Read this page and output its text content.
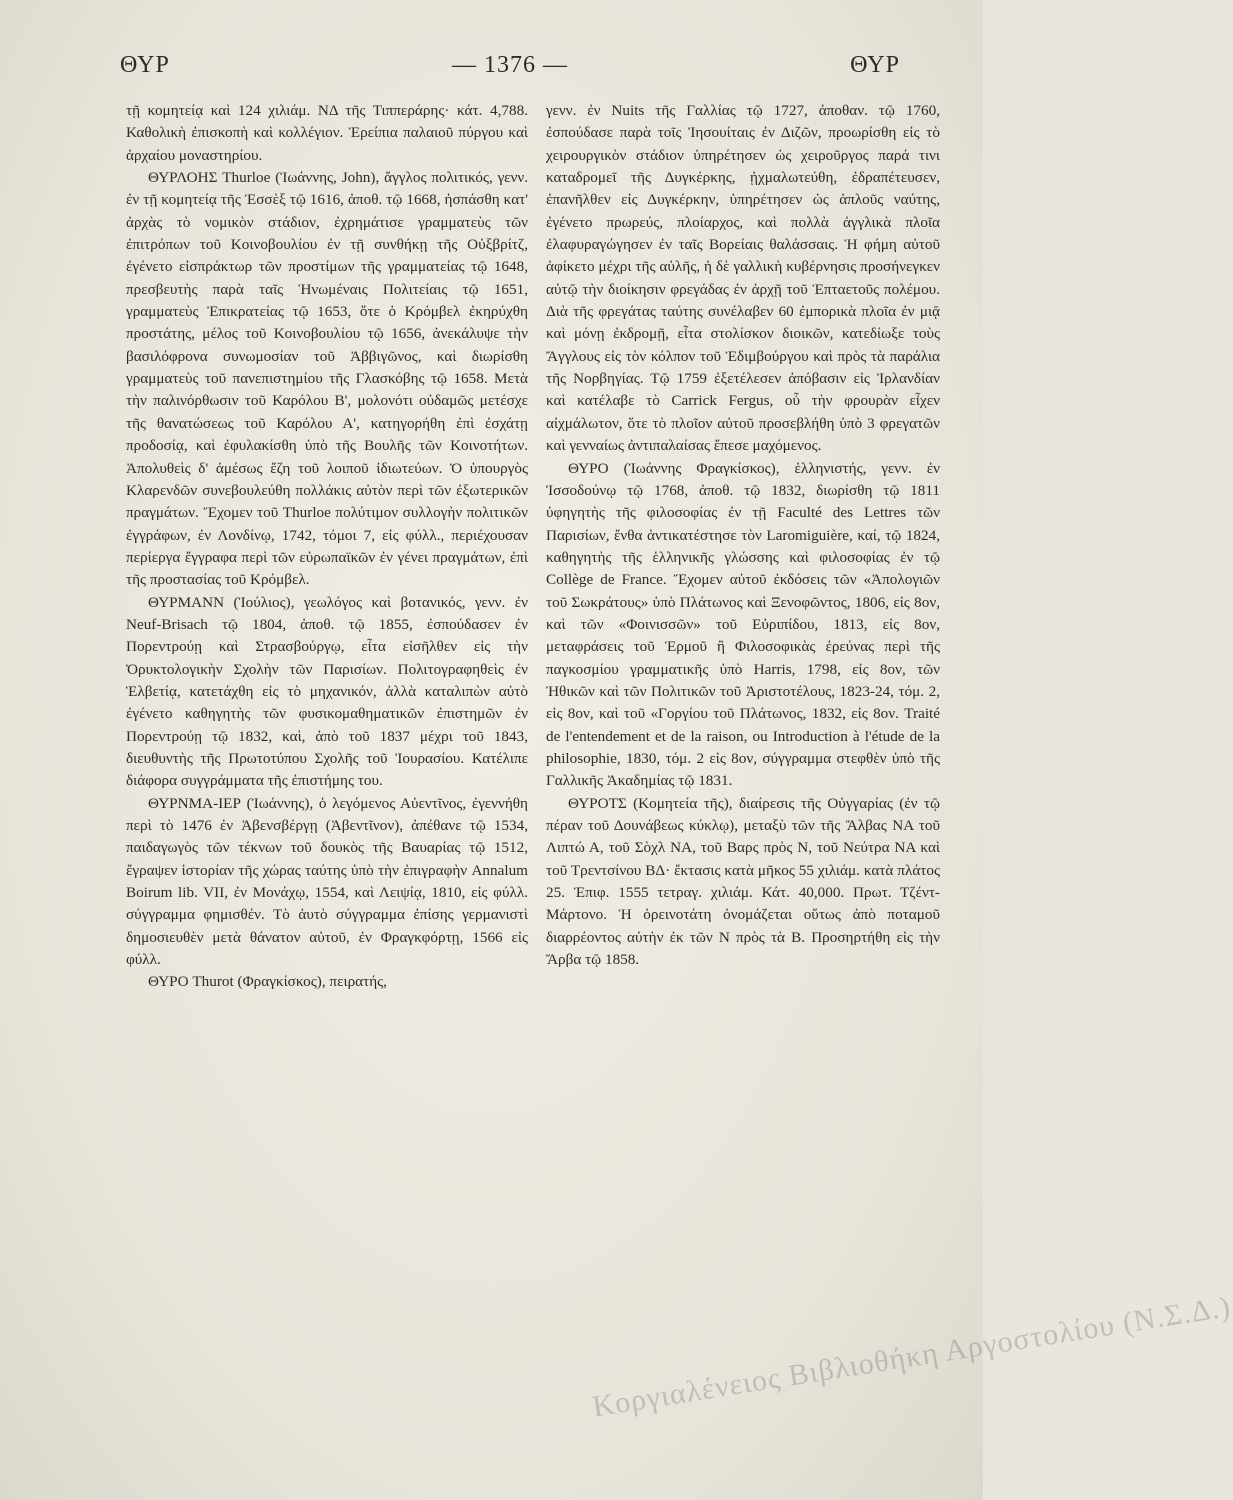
ΘΥΡ	— 1376 —	ΘΥΡ

τῇ κομητείᾳ καὶ 124 χιλιάμ. ΝΔ τῆς Τιππεράρης· κάτ. 4,788. Καθολικὴ ἐπισκοπὴ καὶ κολλέγιον. Ἐρείπια παλαιοῦ πύργου καὶ ἀρχαίου μοναστηρίου.

ΘΥΡΛΟΗΣ Thurloe (Ἰωάννης, John), ἄγγλος πολιτικός, γενν. ἐν τῇ κομητείᾳ τῆς Ἐσσὲξ τῷ 1616, ἀποθ. τῷ 1668, ἠσπάσθη κατ' ἀρχὰς τὸ νομικὸν στάδιον, ἐχρημάτισε γραμματεὺς τῶν ἐπιτρόπων τοῦ Κοινοβουλίου ἐν τῇ συνθήκῃ τῆς Οὐξβρίτζ, ἐγένετο εἰσπράκτωρ τῶν προστίμων τῆς γραμματείας τῷ 1648, πρεσβευτὴς παρὰ ταῖς Ἡνωμέναις Πολιτείαις τῷ 1651, γραμματεὺς Ἐπικρατείας τῷ 1653, ὅτε ὁ Κρόμβελ ἐκηρύχθη προστάτης, μέλος τοῦ Κοινοβουλίου τῷ 1656, ἀνεκάλυψε τὴν βασιλόφρονα συνωμοσίαν τοῦ Ἀββιγῶνος, καὶ διωρίσθη γραμματεὺς τοῦ πανεπιστημίου τῆς Γλασκόβης τῷ 1658. Μετὰ τὴν παλινόρθωσιν τοῦ Καρόλου Β', μολονότι οὐδαμῶς μετέσχε τῆς θανατώσεως τοῦ Καρόλου Α', κατηγορήθη ἐπὶ ἐσχάτῃ προδοσίᾳ, καὶ ἐφυλακίσθη ὑπὸ τῆς Βουλῆς τῶν Κοινοτήτων. Ἀπολυθεὶς δ' ἀμέσως ἔζη τοῦ λοιποῦ ἰδιωτεύων. Ὁ ὑπουργὸς Κλαρενδῶν συνεβουλεύθη πολλάκις αὐτὸν περὶ τῶν ἐξωτερικῶν πραγμάτων. Ἔχομεν τοῦ Thurloe πολύτιμον συλλογὴν πολιτικῶν ἐγγράφων, ἐν Λονδίνῳ, 1742, τόμοι 7, εἰς φύλλ., περιέχουσαν περίεργα ἔγγραφα περὶ τῶν εὐρωπαϊκῶν ἐν γένει πραγμάτων, ἐπὶ τῆς προστασίας τοῦ Κρόμβελ.

ΘΥΡΜΑΝΝ (Ἰούλιος), γεωλόγος καὶ βοτανικός, γενν. ἐν Neuf-Brisach τῷ 1804, ἀποθ. τῷ 1855, ἐσπούδασεν ἐν Πορεντρούῃ καὶ Στρασβούργῳ, εἶτα εἰσῆλθεν εἰς τὴν Ὀρυκτολογικὴν Σχολὴν τῶν Παρισίων. Πολιτογραφηθεὶς ἐν Ἑλβετίᾳ, κατετάχθη εἰς τὸ μηχανικόν, ἀλλὰ καταλιπὼν αὐτὸ ἐγένετο καθηγητὴς τῶν φυσικομαθηματικῶν ἐπιστημῶν ἐν Πορεντρούῃ τῷ 1832, καὶ, ἀπὸ τοῦ 1837 μέχρι τοῦ 1843, διευθυντὴς τῆς Πρωτοτύπου Σχολῆς τοῦ Ἰουρασίου. Κατέλιπε διάφορα συγγράμματα τῆς ἐπιστήμης του.

ΘΥΡΝΜΑ-ΙΕΡ (Ἰωάννης), ὁ λεγόμενος Αὐεντῖνος, ἐγεννήθη περὶ τὸ 1476 ἐν Ἀβενσβέργῃ (Ἀβεντῖνον), ἀπέθανε τῷ 1534, παιδαγωγὸς τῶν τέκνων τοῦ δουκὸς τῆς Βαυαρίας τῷ 1512, ἔγραψεν ἱστορίαν τῆς χώρας ταύτης ὑπὸ τὴν ἐπιγραφὴν Annalum Boirum lib. VII, ἐν Μονάχῳ, 1554, καὶ Λειψίᾳ, 1810, εἰς φύλλ. σύγγραμμα φημισθέν. Τὸ ἀυτὸ σύγγραμμα ἐπίσης γερμανιστὶ δημοσιευθὲν μετὰ θάνατον αὐτοῦ, ἐν Φραγκφόρτῃ, 1566 εἰς φύλλ.

ΘΥΡΟ Thurot (Φραγκίσκος), πειρατής,

γενν. ἐν Nuits τῆς Γαλλίας τῷ 1727, ἀποθαν. τῷ 1760, ἐσπούδασε παρὰ τοῖς Ἰησουίταις ἐν Διζῶν, προωρίσθη εἰς τὸ χειρουργικὸν στάδιον ὑπηρέτησεν ὡς χειροῦργος παρά τινι καταδρομεῖ τῆς Δυγκέρκης, ᾐχμαλωτεύθη, ἐδραπέτευσεν, ἐπανῆλθεν εἰς Δυγκέρκην, ὑπηρέτησεν ὡς ἁπλοῦς ναύτης, ἐγένετο πρωρεύς, πλοίαρχος, καὶ πολλὰ ἀγγλικὰ πλοῖα ἐλαφυραγώγησεν ἐν ταῖς Βορείαις θαλάσσαις. Ἡ φήμη αὐτοῦ ἀφίκετο μέχρι τῆς αὐλῆς, ἡ δὲ γαλλικὴ κυβέρνησις προσήνεγκεν αὐτῷ τὴν διοίκησιν φρεγάδας ἐν ἀρχῇ τοῦ Ἑπταετοῦς πολέμου. Διὰ τῆς φρεγάτας ταύτης συνέλαβεν 60 ἐμπορικὰ πλοῖα ἐν μιᾷ καὶ μόνῃ ἐκδρομῇ, εἶτα στολίσκον διοικῶν, κατεδίωξε τοὺς Ἄγγλους εἰς τὸν κόλπον τοῦ Ἐδιμβούργου καὶ πρὸς τὰ παράλια τῆς Νορβηγίας. Τῷ 1759 ἐξετέλεσεν ἀπόβασιν εἰς Ἰρλανδίαν καὶ κατέλαβε τὸ Carrick Fergus, οὗ τὴν φρουρὰν εἶχεν αἰχμάλωτον, ὅτε τὸ πλοῖον αὐτοῦ προσεβλήθη ὑπὸ 3 φρεγατῶν καὶ γενναίως ἀντιπαλαίσας ἔπεσε μαχόμενος.

ΘΥΡΟ (Ἰωάννης Φραγκίσκος), ἑλληνιστής, γενν. ἐν Ἰσσοδούνῳ τῷ 1768, ἀποθ. τῷ 1832, διωρίσθη τῷ 1811 ὑφηγητὴς τῆς φιλοσοφίας ἐν τῇ Faculté des Lettres τῶν Παρισίων, ἔνθα ἀντικατέστησε τὸν Laromiguière, καί, τῷ 1824, καθηγητὴς τῆς ἑλληνικῆς γλώσσης καὶ φιλοσοφίας ἐν τῷ Collège de France. Ἔχομεν αὐτοῦ ἐκδόσεις τῶν «Ἀπολογιῶν τοῦ Σωκράτους» ὑπὸ Πλάτωνος καὶ Ξενοφῶντος, 1806, εἰς 8ον, καὶ τῶν «Φοινισσῶν» τοῦ Εὐριπίδου, 1813, εἰς 8ον, μεταφράσεις τοῦ Ἑρμοῦ ἢ Φιλοσοφικὰς ἐρεύνας περὶ τῆς παγκοσμίου γραμματικῆς ὑπὸ Harris, 1798, εἰς 8ον, τῶν Ἠθικῶν καὶ τῶν Πολιτικῶν τοῦ Ἀριστοτέλους, 1823-24, τόμ. 2, εἰς 8ον, καὶ τοῦ «Γοργίου τοῦ Πλάτωνος, 1832, εἰς 8ον. Traité de l'entendement et de la raison, ou Introduction à l'étude de la philosophie, 1830, τόμ. 2 εἰς 8ον, σύγγραμμα στεφθὲν ὑπὸ τῆς Γαλλικῆς Ἀκαδημίας τῷ 1831.

ΘΥΡΟΤΣ (Κομητεία τῆς), διαίρεσις τῆς Οὑγγαρίας (ἐν τῷ πέραν τοῦ Δουνάβεως κύκλῳ), μεταξὺ τῶν τῆς Ἄλβας ΝΑ τοῦ Λιπτώ Α, τοῦ Σὸχλ ΝΑ, τοῦ Βαρς πρὸς Ν, τοῦ Νεύτρα ΝΑ καὶ τοῦ Τρεντσίνου ΒΔ· ἔκτασις κατὰ μῆκος 55 χιλιάμ. κατὰ πλάτος 25. Ἐπιφ. 1555 τετραγ. χιλιάμ. Κάτ. 40,000. Πρωτ. Τζέντ-Μάρτονο. Ἡ ὀρεινοτάτη ὀνομάζεται οὕτως ἀπὸ ποταμοῦ διαρρέοντος αὐτὴν ἐκ τῶν Ν πρὸς τὰ Β. Προσηρτήθη εἰς τὴν Ἄρβα τῷ 1858.

Κοργιαλένειος Βιβλιοθήκη Αργοστολίου (Ν.Σ.Δ.)
